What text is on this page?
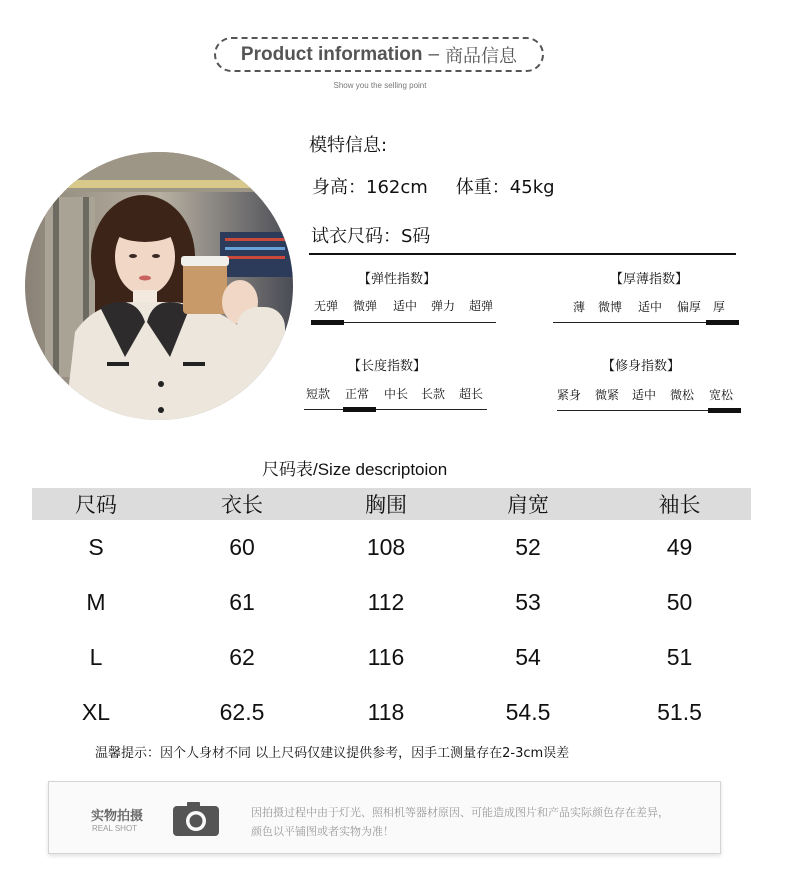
Product information – 商品信息
Show you the selling point
模特信息:
身高：162cm 体重：45kg
试衣尺码：S码
【弹性指数】
无弹 微弹 适中 弹力 超弹
【厚薄指数】
薄 微博 适中 偏厚 厚
【长度指数】
短款 正常 中长 长款 超长
【修身指数】
紧身 微紧 适中 微松 宽松
尺码表/Size descriptoion
尺码	衣长	胸围	肩宽	袖长
S	60	108	52	49
M	61	112	53	50
L	62	116	54	51
XL	62.5	118	54.5	51.5
温馨提示：因个人身材不同 以上尺码仅建议提供参考，因手工测量存在2-3cm误差
实物拍摄
REAL SHOT
因拍摄过程中由于灯光、照相机等器材原因、可能造成图片和产品实际颜色存在差异，
颜色以平铺图或者实物为准！
